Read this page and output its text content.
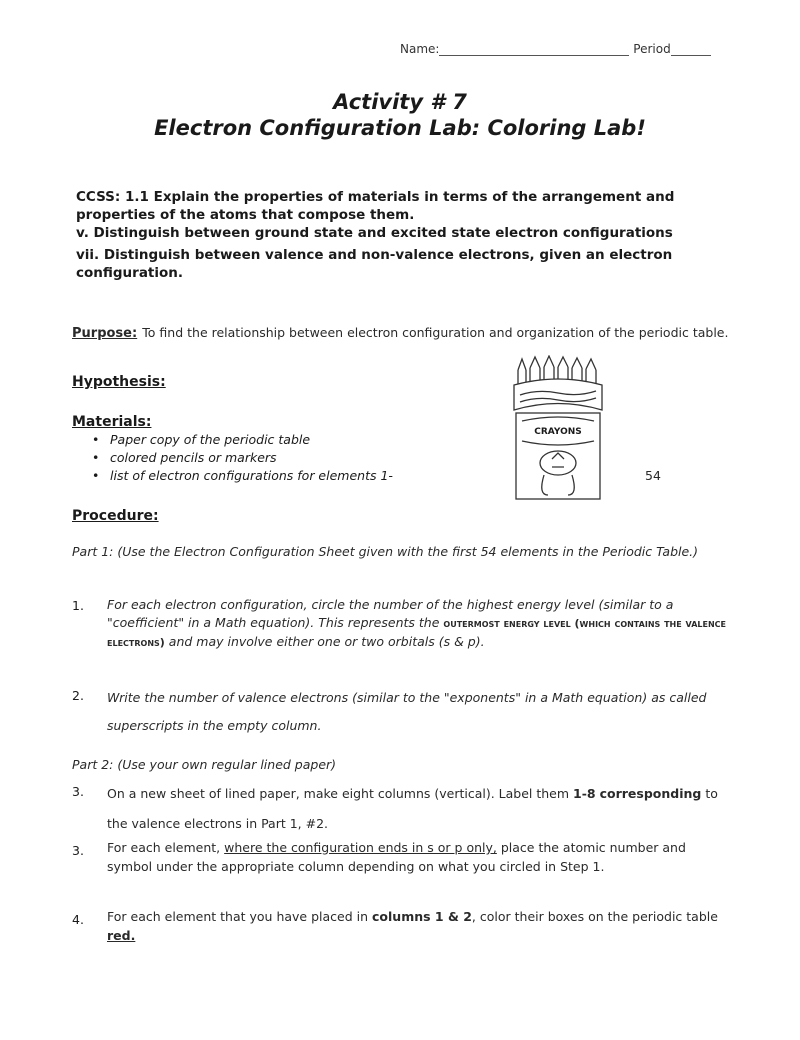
Name:	Period
Activity # 7
Electron Configuration Lab: Coloring Lab!
CCSS: 1.1 Explain the properties of materials in terms of the arrangement and properties of the atoms that compose them.
v. Distinguish between ground state and excited state electron configurations
vii. Distinguish between valence and non-valence electrons, given an electron configuration.
Purpose: To find the relationship between electron configuration and organization of the periodic table.
Hypothesis:
Materials:
• Paper copy of the periodic table
• colored pencils or markers
• list of electron configurations for elements 1-	54
CRAYONS
Procedure:
Part 1: (Use the Electron Configuration Sheet given with the first 54 elements in the Periodic Table.)
1. For each electron configuration, circle the number of the highest energy level (similar to a "coefficient" in a Math equation). This represents the outermost energy level (which contains the valence electrons) and may involve either one or two orbitals (s & p).
2. Write the number of valence electrons (similar to the "exponents" in a Math equation) as called superscripts in the empty column.
Part 2: (Use your own regular lined paper)
3. On a new sheet of lined paper, make eight columns (vertical). Label them 1-8 corresponding to the valence electrons in Part 1, #2.
3. For each element, where the configuration ends in s or p only, place the atomic number and symbol under the appropriate column depending on what you circled in Step 1.
4. For each element that you have placed in columns 1 & 2, color their boxes on the periodic table red.
